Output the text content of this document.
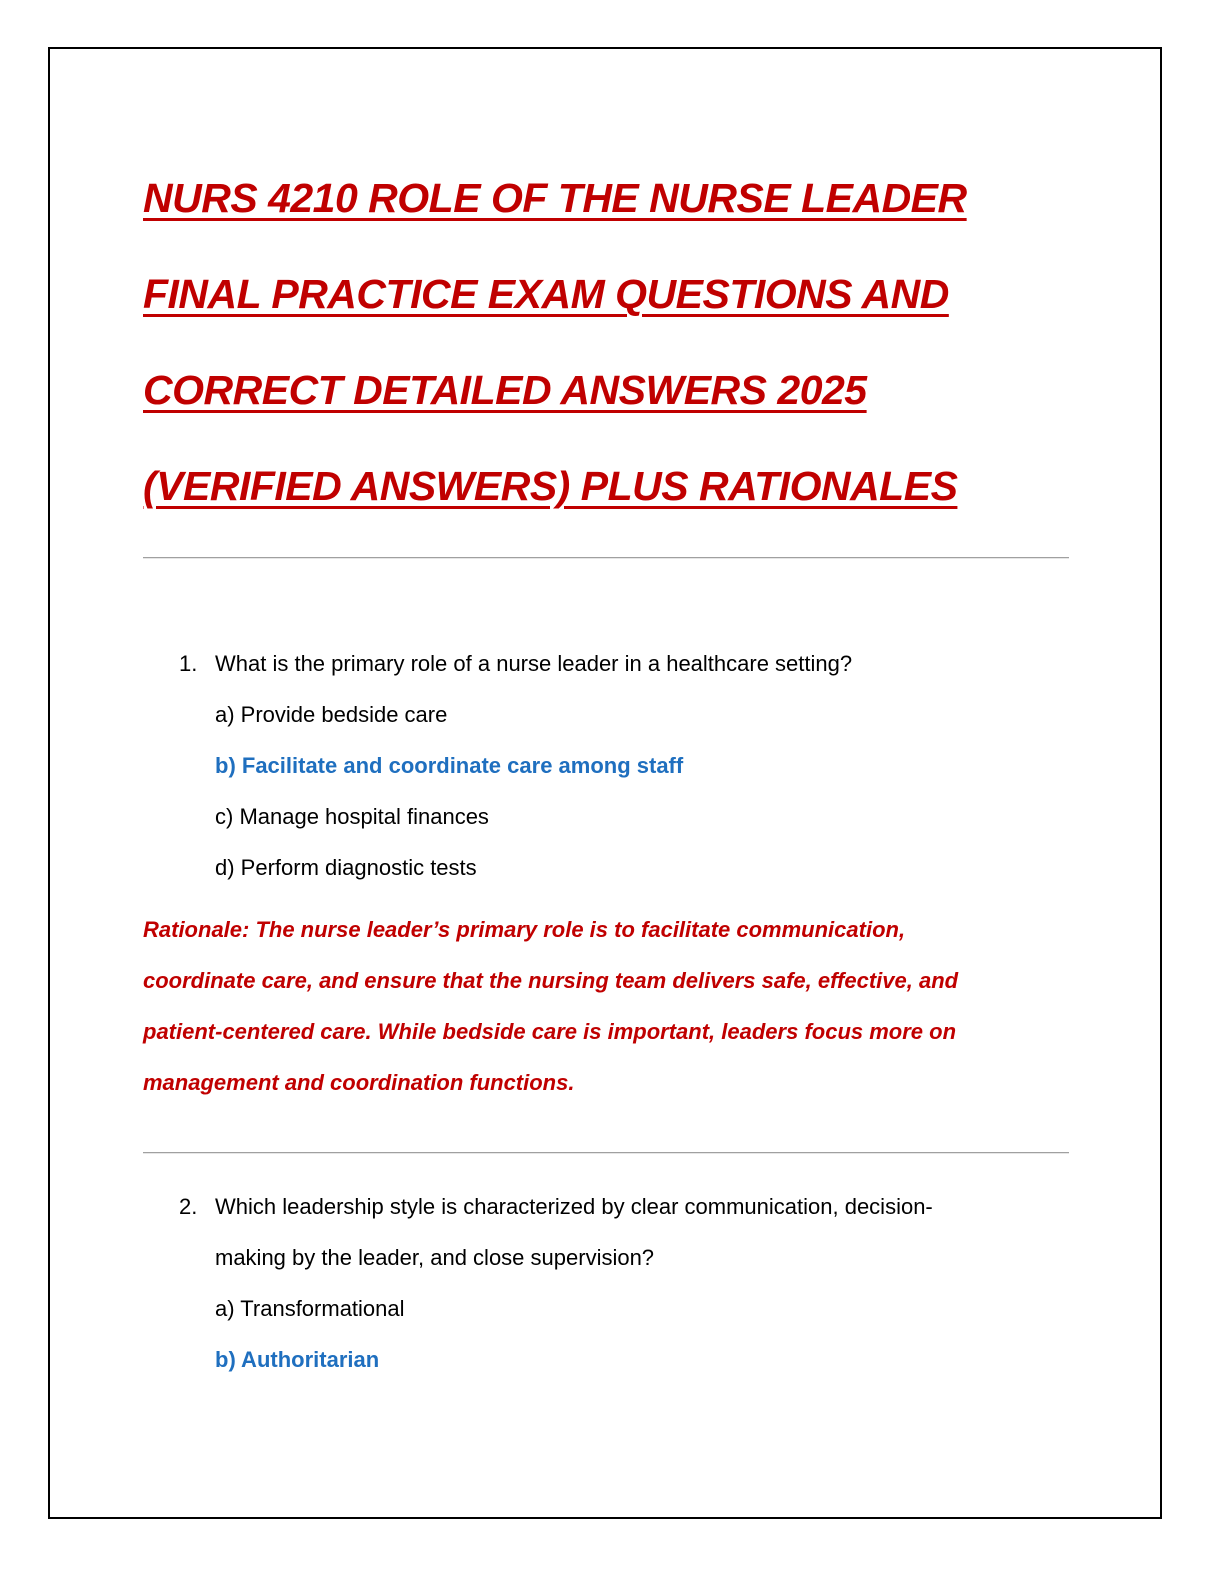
NURS 4210 ROLE OF THE NURSE LEADER
FINAL PRACTICE EXAM QUESTIONS AND
CORRECT DETAILED ANSWERS 2025
(VERIFIED ANSWERS) PLUS RATIONALES
1. What is the primary role of a nurse leader in a healthcare setting?
a) Provide bedside care
b) Facilitate and coordinate care among staff
c) Manage hospital finances
d) Perform diagnostic tests
Rationale: The nurse leader’s primary role is to facilitate communication,
coordinate care, and ensure that the nursing team delivers safe, effective, and
patient-centered care. While bedside care is important, leaders focus more on
management and coordination functions.
2. Which leadership style is characterized by clear communication, decision-
making by the leader, and close supervision?
a) Transformational
b) Authoritarian
